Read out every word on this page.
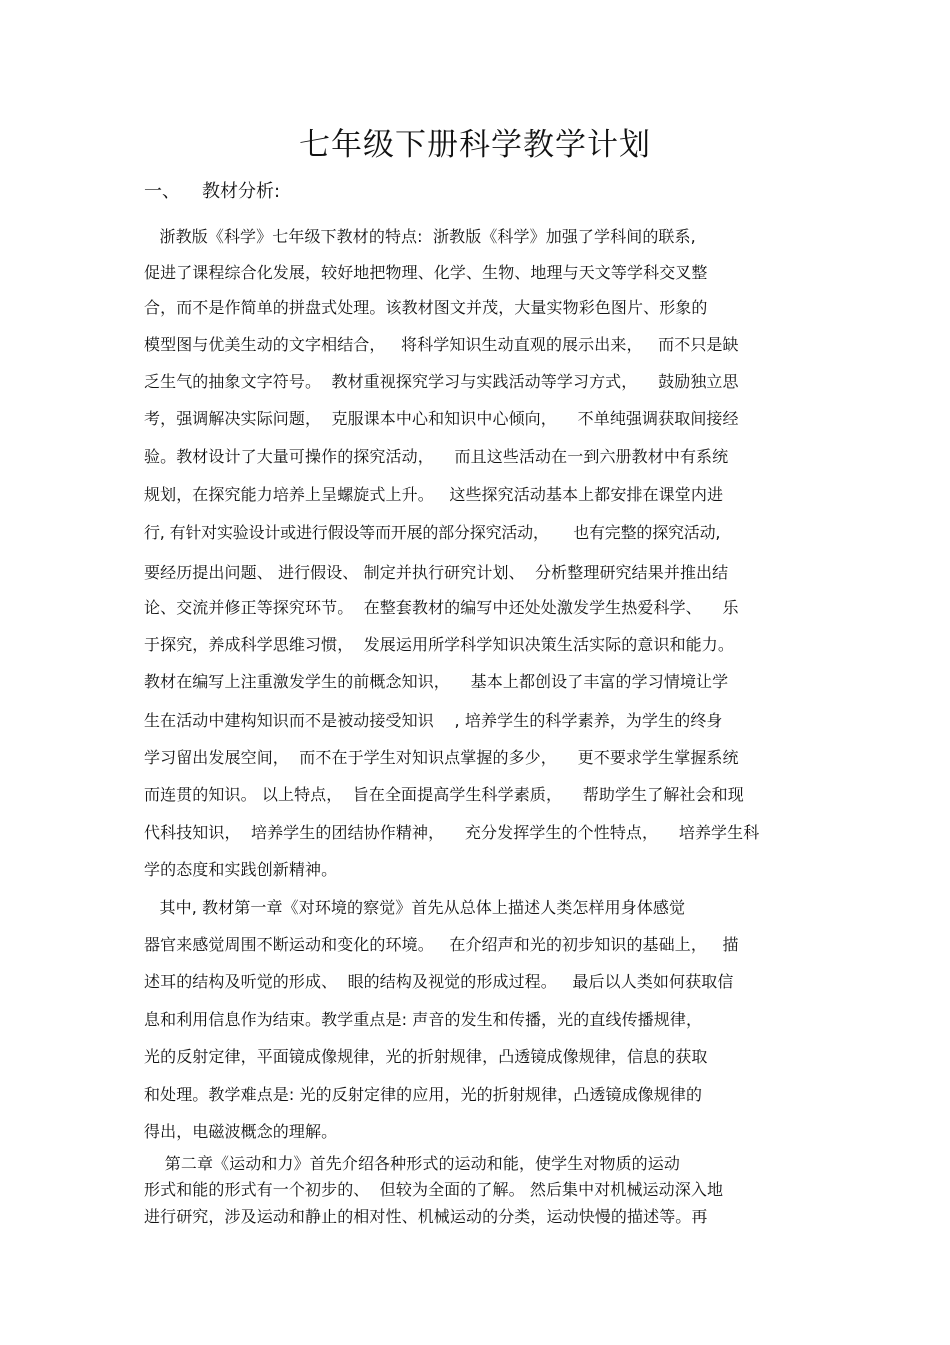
七年级下册科学教学计划
一、 教材分析:
浙教版《科学》七年级下教材的特点:  浙教版《科学》加强了学科间的联系,
促进了课程综合化发展，较好地把物理、化学、生物、地理与天文等学科交叉整
合，而不是作简单的拼盘式处理。该教材图文并茂，大量实物彩色图片、形象的
模型图与优美生动的文字相结合，   将科学知识生动直观的展示出来，   而不只是缺
乏生气的抽象文字符号。  教材重视探究学习与实践活动等学习方式，    鼓励独立思
考，强调解决实际问题，  克服课本中心和知识中心倾向，    不单纯强调获取间接经
验。教材设计了大量可操作的探究活动，    而且这些活动在一到六册教材中有系统
规划，在探究能力培养上呈螺旋式上升。   这些探究活动基本上都安排在课堂内进
行, 有针对实验设计或进行假设等而开展的部分探究活动，     也有完整的探究活动,
要经历提出问题、 进行假设、 制定并执行研究计划、  分析整理研究结果并推出结
论、交流并修正等探究环节。  在整套教材的编写中还处处激发学生热爱科学、    乐
于探究，养成科学思维习惯，  发展运用所学科学知识决策生活实际的意识和能力。
教材在编写上注重激发学生的前概念知识，    基本上都创设了丰富的学习情境让学
生在活动中建构知识而不是被动接受知识    , 培养学生的科学素养，为学生的终身
学习留出发展空间，  而不在于学生对知识点掌握的多少，    更不要求学生掌握系统
而连贯的知识。 以上特点，  旨在全面提高学生科学素质，    帮助学生了解社会和现
代科技知识，  培养学生的团结协作精神，    充分发挥学生的个性特点，    培养学生科
学的态度和实践创新精神。
其中, 教材第一章《对环境的察觉》首先从总体上描述人类怎样用身体感觉
器官来感觉周围不断运动和变化的环境。   在介绍声和光的初步知识的基础上，   描
述耳的结构及听觉的形成、  眼的结构及视觉的形成过程。   最后以人类如何获取信
息和利用信息作为结束。教学重点是: 声音的发生和传播，光的直线传播规律，
光的反射定律，平面镜成像规律，光的折射规律，凸透镜成像规律，信息的获取
和处理。教学难点是: 光的反射定律的应用，光的折射规律，凸透镜成像规律的
得出，电磁波概念的理解。
第二章《运动和力》首先介绍各种形式的运动和能，使学生对物质的运动
形式和能的形式有一个初步的、  但较为全面的了解。 然后集中对机械运动深入地
进行研究，涉及运动和静止的相对性、机械运动的分类，运动快慢的描述等。再
